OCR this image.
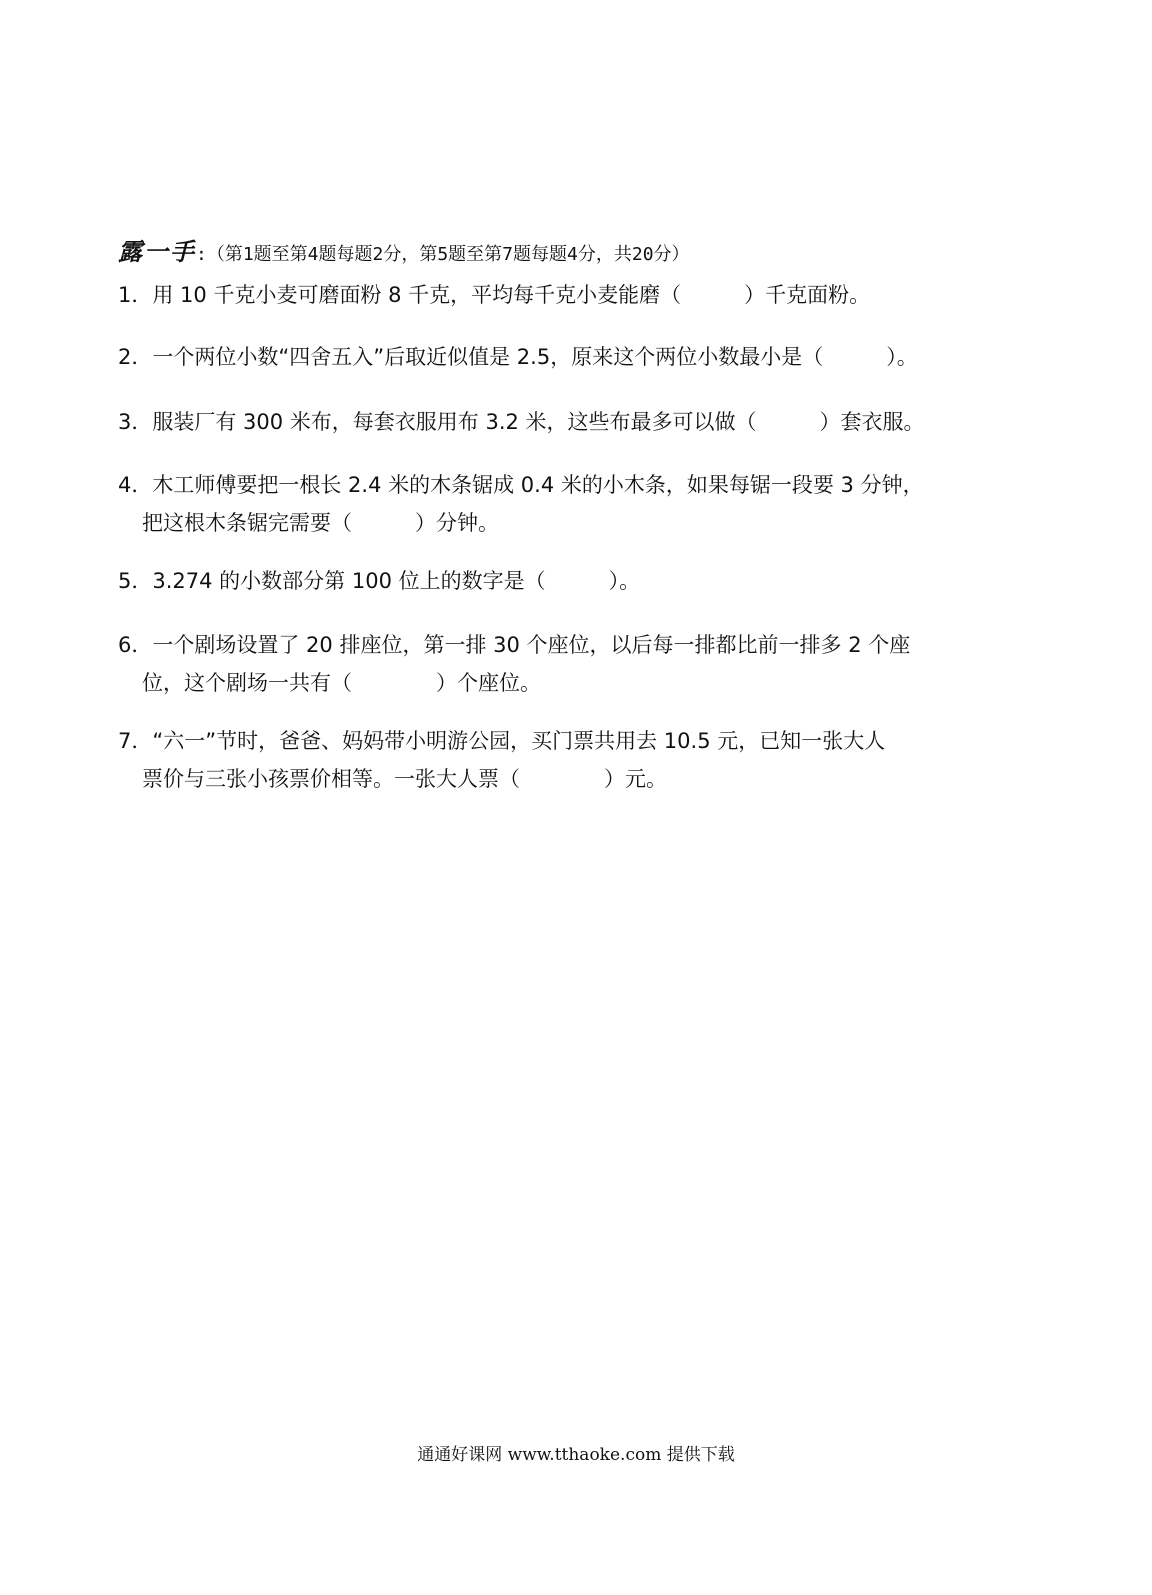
露一手:（第1题至第4题每题2分，第5题至第7题每题4分，共20分）
1．用 10 千克小麦可磨面粉 8 千克，平均每千克小麦能磨（　　　）千克面粉。
2．一个两位小数“四舍五入”后取近似值是 2.5，原来这个两位小数最小是（　　　）。
3．服装厂有 300 米布，每套衣服用布 3.2 米，这些布最多可以做（　　　）套衣服。
4．木工师傅要把一根长 2.4 米的木条锯成 0.4 米的小木条，如果每锯一段要 3 分钟，
把这根木条锯完需要（　　　）分钟。
5．3.274 的小数部分第 100 位上的数字是（　　　）。
6．一个剧场设置了 20 排座位，第一排 30 个座位，以后每一排都比前一排多 2 个座
位，这个剧场一共有（　　　　）个座位。
7．“六一”节时，爸爸、妈妈带小明游公园，买门票共用去 10.5 元，已知一张大人
票价与三张小孩票价相等。一张大人票（　　　　）元。
通通好课网 www.tthaoke.com 提供下载
